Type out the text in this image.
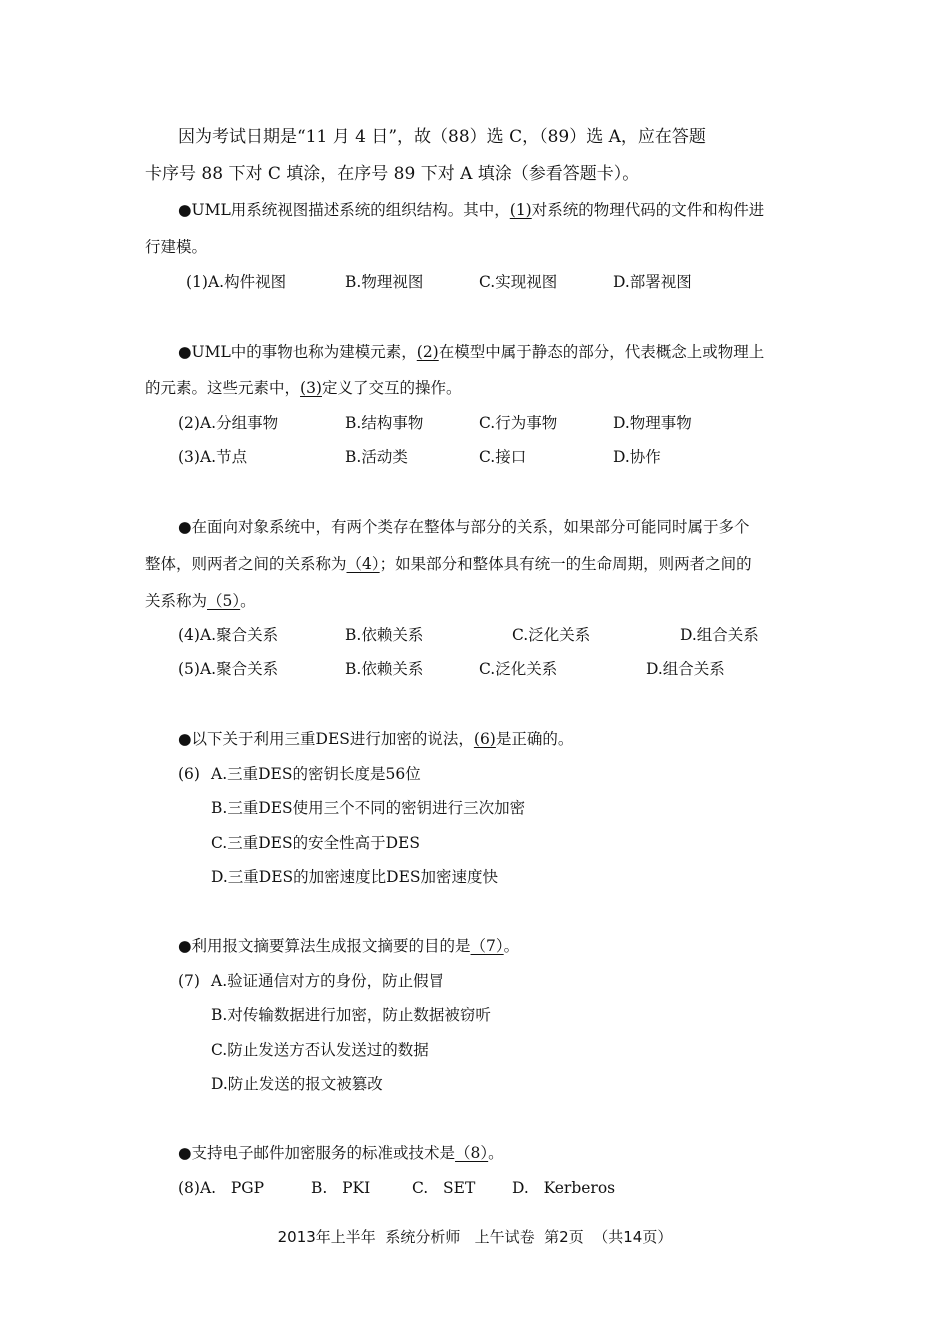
因为考试日期是“11 月 4 日”，故（88）选 C，（89）选 A，应在答题
卡序号 88 下对 C 填涂，在序号 89 下对 A 填涂（参看答题卡）。
●UML用系统视图描述系统的组织结构。其中，(1)对系统的物理代码的文件和构件进
行建模。
(1)A.构件视图	B.物理视图	C.实现视图	D.部署视图
●UML中的事物也称为建模元素，(2)在模型中属于静态的部分，代表概念上或物理上
的元素。这些元素中，(3)定义了交互的操作。
(2)A.分组事物	B.结构事物	C.行为事物	D.物理事物
(3)A.节点	B.活动类	C.接口	D.协作
●在面向对象系统中，有两个类存在整体与部分的关系，如果部分可能同时属于多个
整体，则两者之间的关系称为（4）；如果部分和整体具有统一的生命周期，则两者之间的
关系称为（5）。
(4)A.聚合关系	B.依赖关系	C.泛化关系	D.组合关系
(5)A.聚合关系	B.依赖关系	C.泛化关系	D.组合关系
●以下关于利用三重DES进行加密的说法，(6)是正确的。
(6) A.三重DES的密钥长度是56位
B.三重DES使用三个不同的密钥进行三次加密
C.三重DES的安全性高于DES
D.三重DES的加密速度比DES加密速度快
●利用报文摘要算法生成报文摘要的目的是（7）。
(7) A.验证通信对方的身份，防止假冒
B.对传输数据进行加密，防止数据被窃听
C.防止发送方否认发送过的数据
D.防止发送的报文被篡改
●支持电子邮件加密服务的标准或技术是（8）。
(8)A.   PGP	B.   PKI	C.   SET D.   Kerberos
2013年上半年  系统分析师   上午试卷  第2页  （共14页）
